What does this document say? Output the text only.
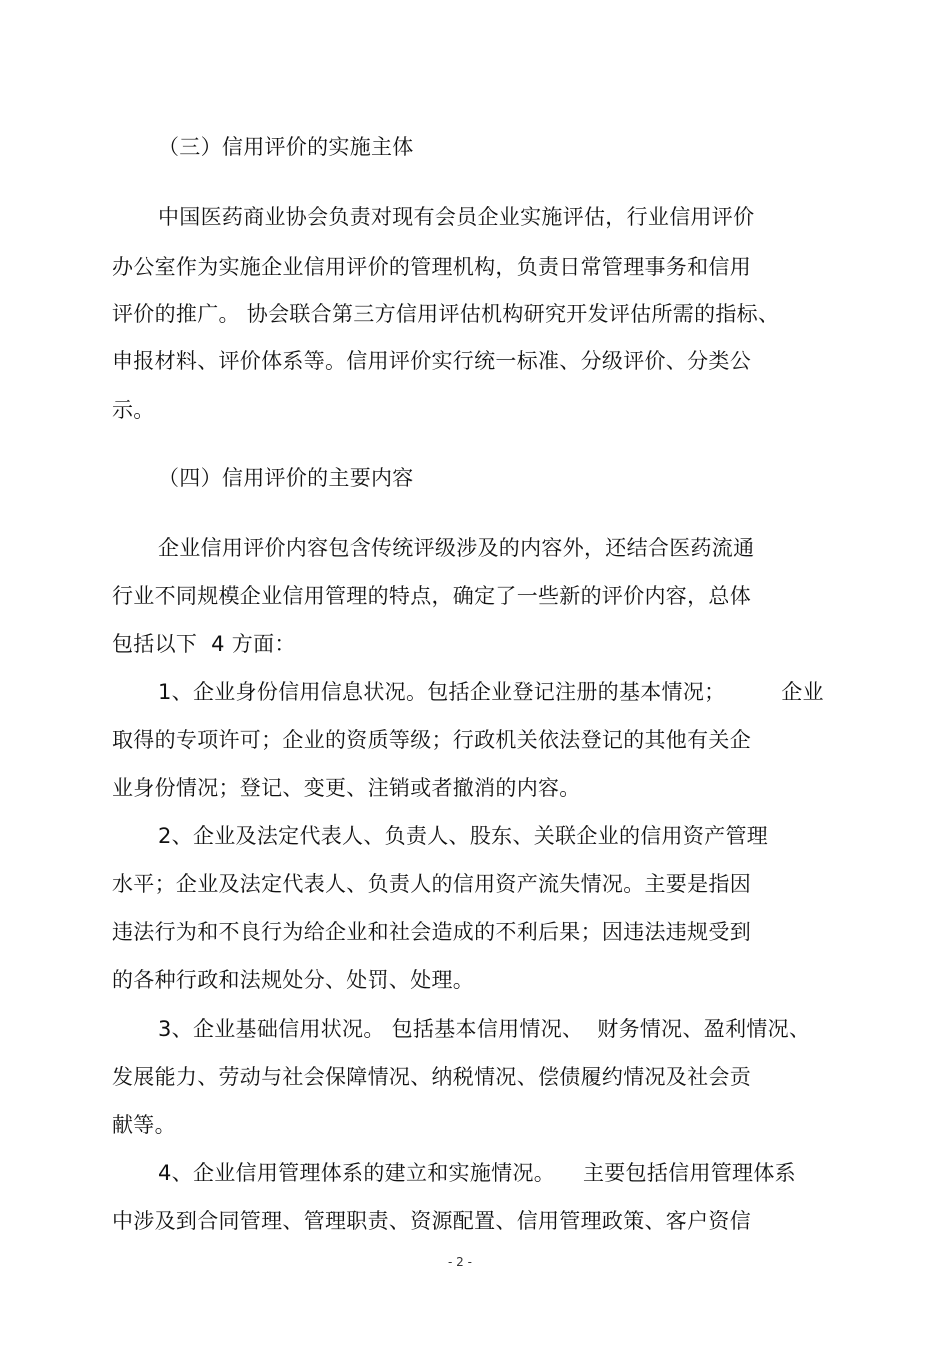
（三）信用评价的实施主体
中国医药商业协会负责对现有会员企业实施评估，行业信用评价
办公室作为实施企业信用评价的管理机构，负责日常管理事务和信用
评价的推广。 协会联合第三方信用评估机构研究开发评估所需的指标、
申报材料、评价体系等。信用评价实行统一标准、分级评价、分类公
示。
（四）信用评价的主要内容
企业信用评价内容包含传统评级涉及的内容外，还结合医药流通
行业不同规模企业信用管理的特点，确定了一些新的评价内容，总体
包括以下  4 方面：
1、企业身份信用信息状况。包括企业登记注册的基本情况；        企业
取得的专项许可；企业的资质等级；行政机关依法登记的其他有关企
业身份情况；登记、变更、注销或者撤消的内容。
2、企业及法定代表人、负责人、股东、关联企业的信用资产管理
水平；企业及法定代表人、负责人的信用资产流失情况。主要是指因
违法行为和不良行为给企业和社会造成的不利后果；因违法违规受到
的各种行政和法规处分、处罚、处理。
3、企业基础信用状况。 包括基本信用情况、  财务情况、盈利情况、
发展能力、劳动与社会保障情况、纳税情况、偿债履约情况及社会贡
献等。
4、企业信用管理体系的建立和实施情况。    主要包括信用管理体系
中涉及到合同管理、管理职责、资源配置、信用管理政策、客户资信
- 2 -
